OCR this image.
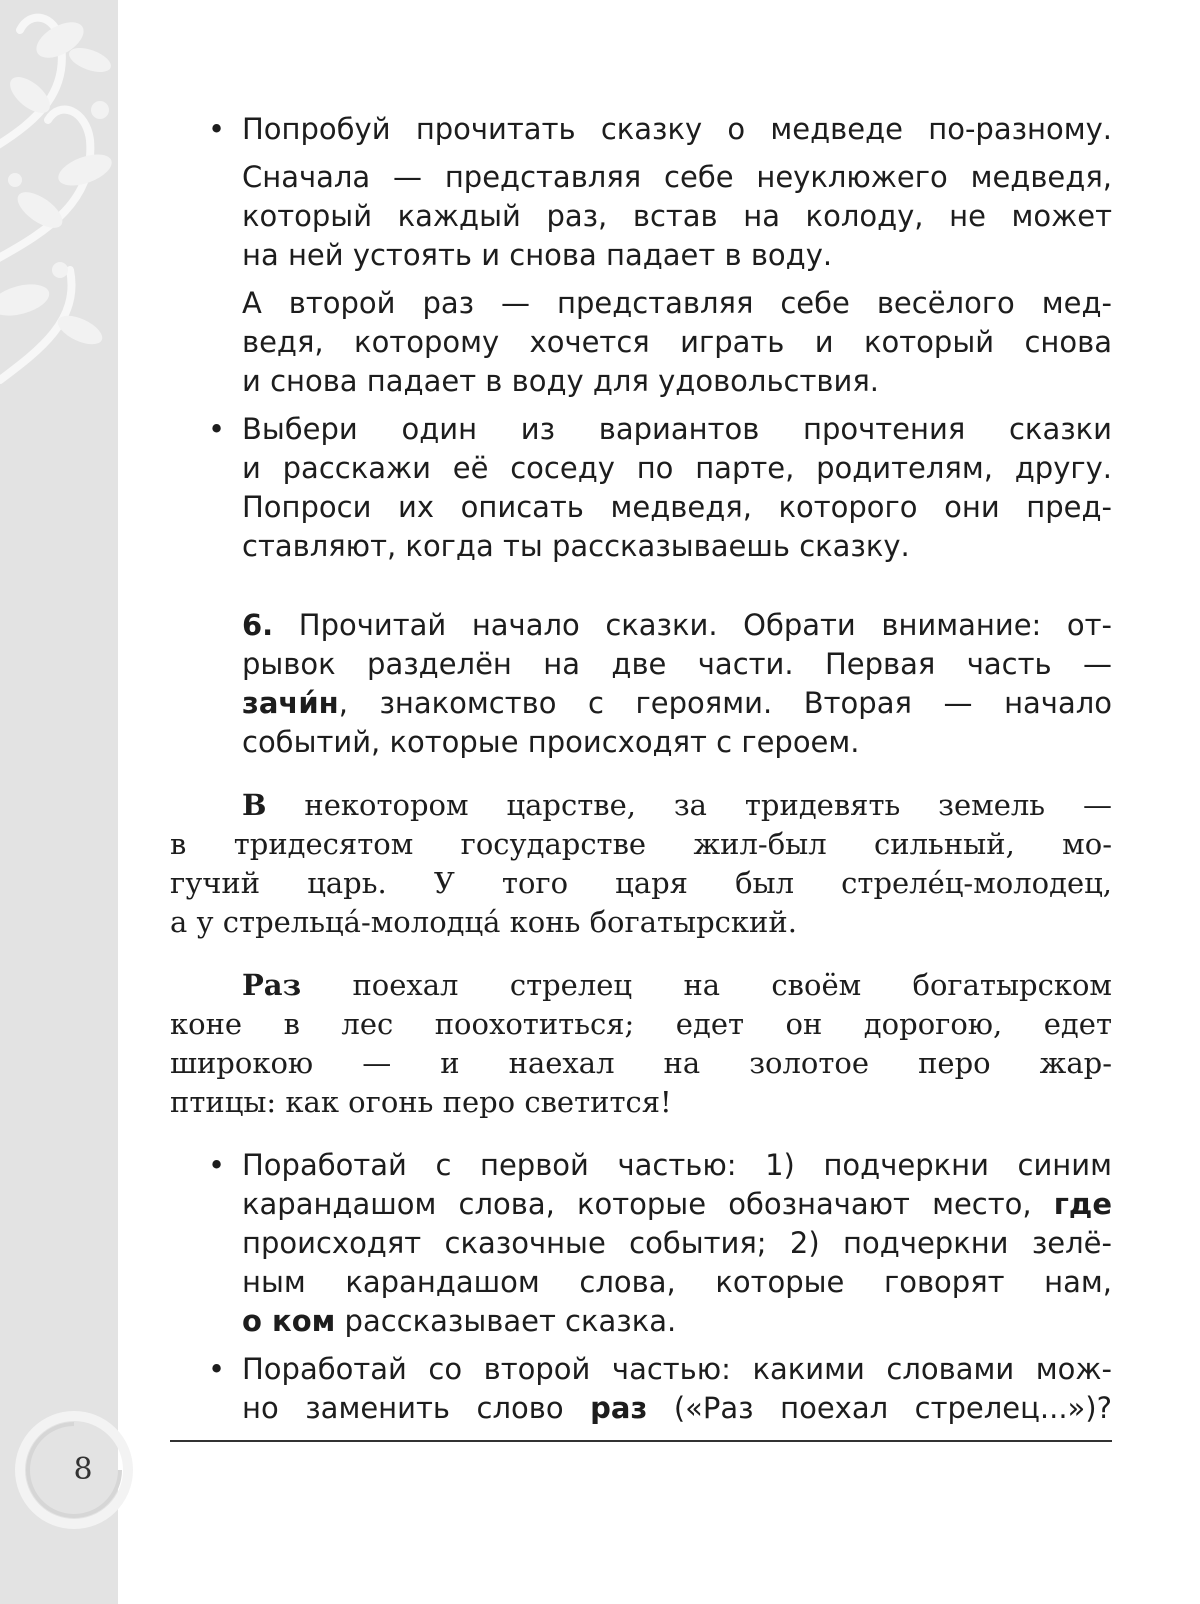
8
• Попробуй прочитать сказку о медведе по-разному.
Сначала — представляя себе неуклюжего медведя,
который каждый раз, встав на колоду, не может
на ней устоять и снова падает в воду.
А второй раз — представляя себе весёлого мед-
ведя, которому хочется играть и который снова
и снова падает в воду для удовольствия.
• Выбери один из вариантов прочтения сказки
и расскажи её соседу по парте, родителям, другу.
Попроси их описать медведя, которого они пред-
ставляют, когда ты рассказываешь сказку.
6. Прочитай начало сказки. Обрати внимание: от-
рывок разделён на две части. Первая часть —
зачи́н, знакомство с героями. Вторая — начало
событий, которые происходят с героем.
В некотором царстве, за тридевять земель —
в тридесятом государстве жил-был сильный, мо-
гучий царь. У того царя был стреле́ц-молодец,
а у стрельца́-молодца́ конь богатырский.
Раз поехал стрелец на своём богатырском
коне в лес поохотиться; едет он дорогою, едет
широкою — и наехал на золотое перо жар-
птицы: как огонь перо светится!
• Поработай с первой частью: 1) подчеркни синим
карандашом слова, которые обозначают место, где
происходят сказочные события; 2) подчеркни зелё-
ным карандашом слова, которые говорят нам,
о ком рассказывает сказка.
• Поработай со второй частью: какими словами мож-
но заменить слово раз («Раз поехал стрелец...»)?
